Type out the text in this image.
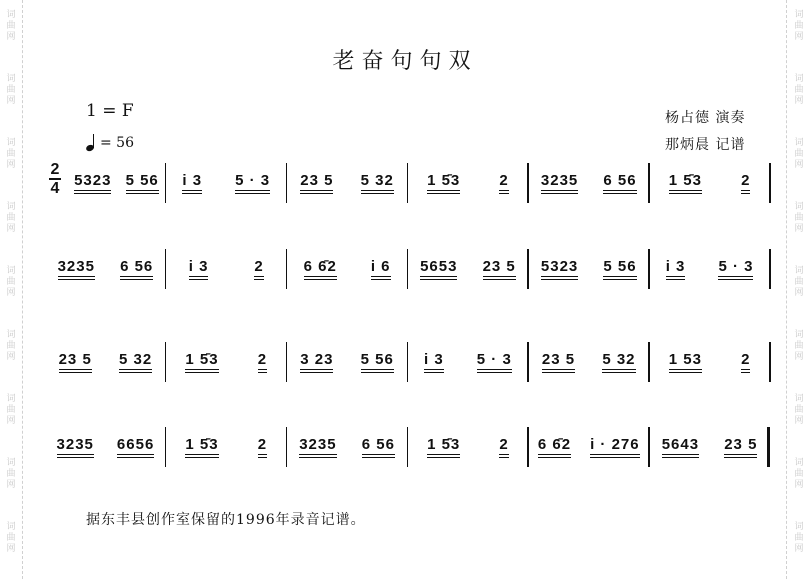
词
曲
网
词
曲
网
词
曲
网
词
曲
网
词
曲
网
词
曲
网
词
曲
网
词
曲
网
词
曲
网
词
曲
网
词
曲
网
词
曲
网
词
曲
网
词
曲
网
词
曲
网
词
曲
网
词
曲
网
词
曲
网
老奋句句双
1 = F
= 56
杨占德 演奏
那炳晨 记谱
2
4 5323 5 56 i 3 5 · 3 23 5 5 32 1 5̄3	2 3235 6 56 1 5̄3	2
3235 6 56 i 3	2	6 6̄2 i 6 5653 23 5 5323 5 56 i 3 5 · 3
23 5 5 32 1 5̄3	2 3 23 5 56 i 3 5 · 3 23 5 5 32 1 53	2
3235 6656 1 5̄3	2 3235 6 56 1 5̄3	2 6 6̄2 i · 276 5643 23 5
据东丰县创作室保留的1996年录音记谱。
